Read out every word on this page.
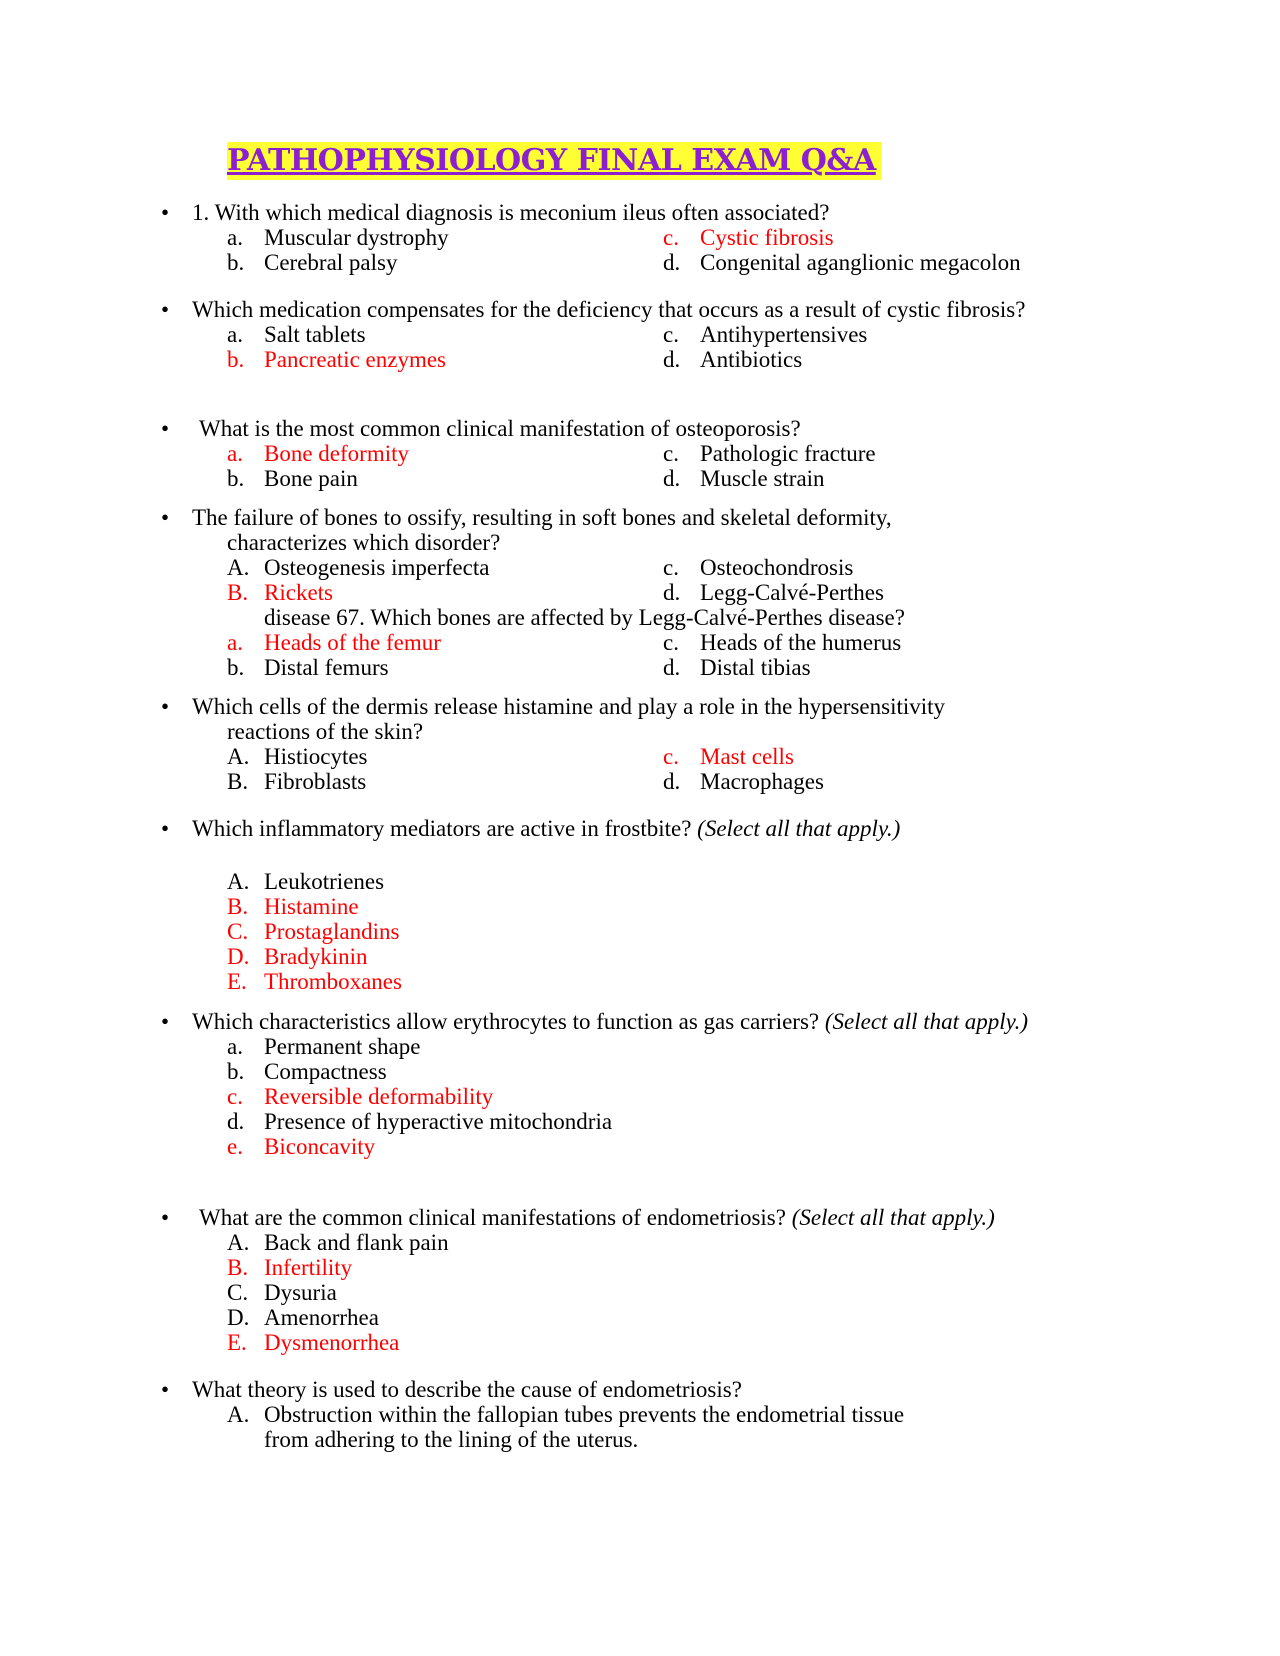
PATHOPHYSIOLOGY FINAL EXAM Q&A
• 1. With which medical diagnosis is meconium ileus often associated?
a. Muscular dystrophy	c. Cystic fibrosis
b. Cerebral palsy	d. Congenital aganglionic megacolon
• Which medication compensates for the deficiency that occurs as a result of cystic fibrosis?
a. Salt tablets	c. Antihypertensives
b. Pancreatic enzymes	d. Antibiotics
•	What is the most common clinical manifestation of osteoporosis?
a. Bone deformity	c. Pathologic fracture
b. Bone pain	d. Muscle strain
• The failure of bones to ossify, resulting in soft bones and skeletal deformity,
characterizes which disorder?
A. Osteogenesis imperfecta	c. Osteochondrosis
B. Rickets	d. Legg-Calvé-Perthes
disease 67. Which bones are affected by Legg-Calvé-Perthes disease?
a. Heads of the femur	c. Heads of the humerus
b. Distal femurs	d. Distal tibias
• Which cells of the dermis release histamine and play a role in the hypersensitivity
reactions of the skin?
A. Histiocytes	c. Mast cells
B. Fibroblasts	d. Macrophages
• Which inflammatory mediators are active in frostbite? (Select all that apply.)
A. Leukotrienes
B. Histamine
C. Prostaglandins
D. Bradykinin
E. Thromboxanes
• Which characteristics allow erythrocytes to function as gas carriers? (Select all that apply.)
a. Permanent shape
b. Compactness
c. Reversible deformability
d. Presence of hyperactive mitochondria
e. Biconcavity
•	What are the common clinical manifestations of endometriosis? (Select all that apply.)
A. Back and flank pain
B. Infertility
C. Dysuria
D. Amenorrhea
E. Dysmenorrhea
• What theory is used to describe the cause of endometriosis?
A. Obstruction within the fallopian tubes prevents the endometrial tissue
from adhering to the lining of the uterus.
